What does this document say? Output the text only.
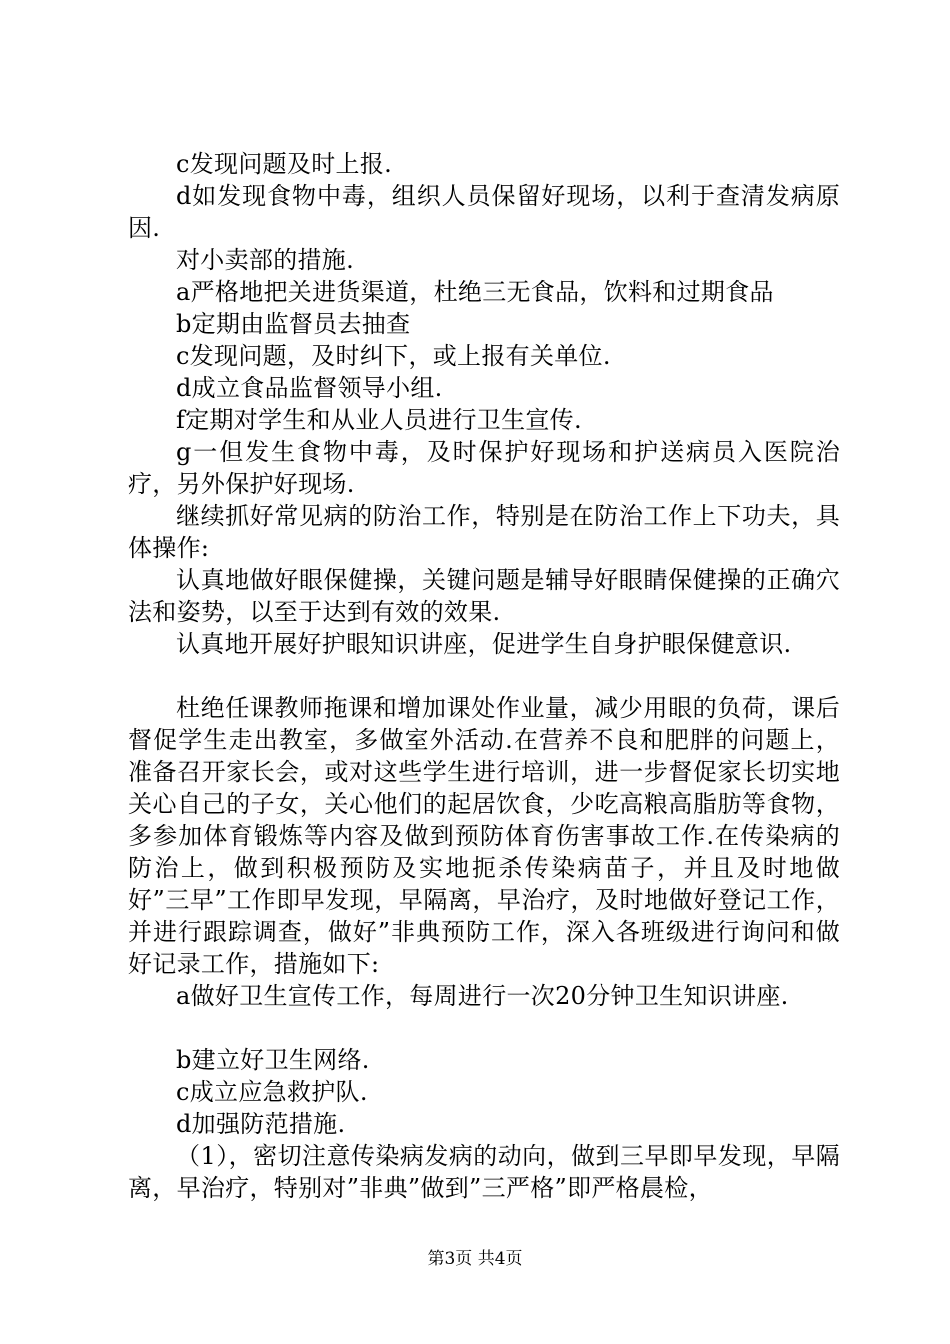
c发现问题及时上报.

d如发现食物中毒，组织人员保留好现场，以利于查清发病原因.

对小卖部的措施.

a严格地把关进货渠道，杜绝三无食品，饮料和过期食品

b定期由监督员去抽查

c发现问题，及时纠下，或上报有关单位.

d成立食品监督领导小组.

f定期对学生和从业人员进行卫生宣传.

g一但发生食物中毒，及时保护好现场和护送病员入医院治疗，另外保护好现场.

继续抓好常见病的防治工作，特别是在防治工作上下功夫，具体操作:

认真地做好眼保健操，关键问题是辅导好眼睛保健操的正确穴法和姿势，以至于达到有效的效果.

认真地开展好护眼知识讲座，促进学生自身护眼保健意识.

杜绝任课教师拖课和增加课处作业量，减少用眼的负荷，课后督促学生走出教室，多做室外活动.在营养不良和肥胖的问题上，准备召开家长会，或对这些学生进行培训，进一步督促家长切实地关心自己的子女，关心他们的起居饮食，少吃高粮高脂肪等食物，多参加体育锻炼等内容及做到预防体育伤害事故工作.在传染病的防治上，做到积极预防及实地扼杀传染病苗子，并且及时地做好”三早”工作即早发现，早隔离，早治疗，及时地做好登记工作，并进行跟踪调查，做好”非典预防工作，深入各班级进行询问和做好记录工作，措施如下:

a做好卫生宣传工作，每周进行一次20分钟卫生知识讲座.

b建立好卫生网络.

c成立应急救护队.

d加强防范措施.

（1），密切注意传染病发病的动向，做到三早即早发现，早隔离，早治疗，特别对”非典”做到”三严格”即严格晨检，

第3页 共4页
